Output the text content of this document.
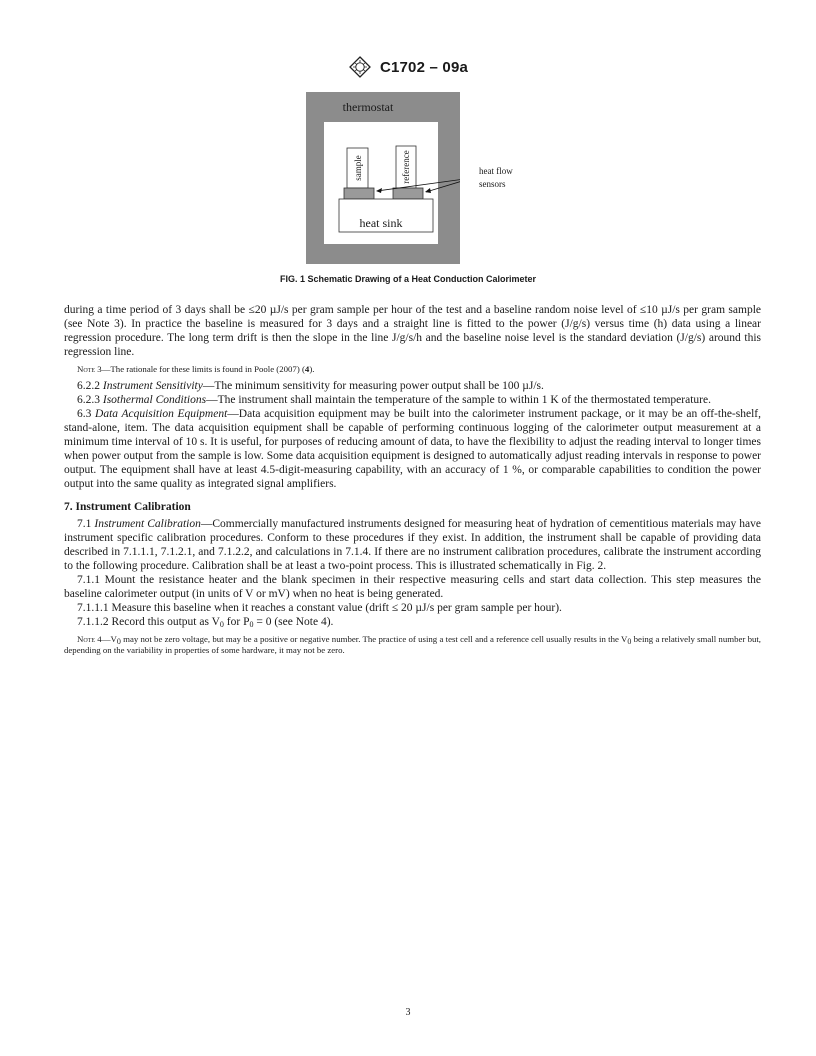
C1702 – 09a
thermostat
sample	reference
heat sink
heat flow
sensors
FIG. 1 Schematic Drawing of a Heat Conduction Calorimeter

during a time period of 3 days shall be ≤20 µJ/s per gram sample per hour of the test and a baseline random noise level of ≤10 µJ/s per gram sample (see Note 3). In practice the baseline is measured for 3 days and a straight line is fitted to the power (J/g/s) versus time (h) data using a linear regression procedure. The long term drift is then the slope in the line J/g/s/h and the baseline noise level is the standard deviation (J/g/s) around this regression line.

Note 3—The rationale for these limits is found in Poole (2007) (4).

6.2.2 Instrument Sensitivity—The minimum sensitivity for measuring power output shall be 100 µJ/s.

6.2.3 Isothermal Conditions—The instrument shall maintain the temperature of the sample to within 1 K of the thermostated temperature.

6.3 Data Acquisition Equipment—Data acquisition equipment may be built into the calorimeter instrument package, or it may be an off-the-shelf, stand-alone, item. The data acquisition equipment shall be capable of performing continuous logging of the calorimeter output measurement at a minimum time interval of 10 s. It is useful, for purposes of reducing amount of data, to have the flexibility to adjust the reading interval to longer times when power output from the sample is low. Some data acquisition equipment is designed to automatically adjust reading intervals in response to power output. The equipment shall have at least 4.5-digit-measuring capability, with an accuracy of 1 %, or comparable capabilities to condition the power output into the same quality as integrated signal amplifiers.

7. Instrument Calibration

7.1 Instrument Calibration—Commercially manufactured instruments designed for measuring heat of hydration of cementitious materials may have instrument specific calibration procedures. Conform to these procedures if they exist. In addition, the instrument shall be capable of providing data described in 7.1.1.1, 7.1.2.1, and 7.1.2.2, and calculations in 7.1.4. If there are no instrument calibration procedures, calibrate the instrument according to the following procedure. Calibration shall be at least a two-point process. This is illustrated schematically in Fig. 2.

7.1.1 Mount the resistance heater and the blank specimen in their respective measuring cells and start data collection. This step measures the baseline calorimeter output (in units of V or mV) when no heat is being generated.

7.1.1.1 Measure this baseline when it reaches a constant value (drift ≤ 20 µJ/s per gram sample per hour).

7.1.1.2 Record this output as $V_0$ for $P_0 = 0$ (see Note 4).

Note $4—V_0$ may not be zero voltage, but may be a positive or negative number. The practice of using a test cell and a reference cell usually results in the $V_0$ being a relatively small number but, depending on the variability in properties of some hardware, it may not be zero.

3
